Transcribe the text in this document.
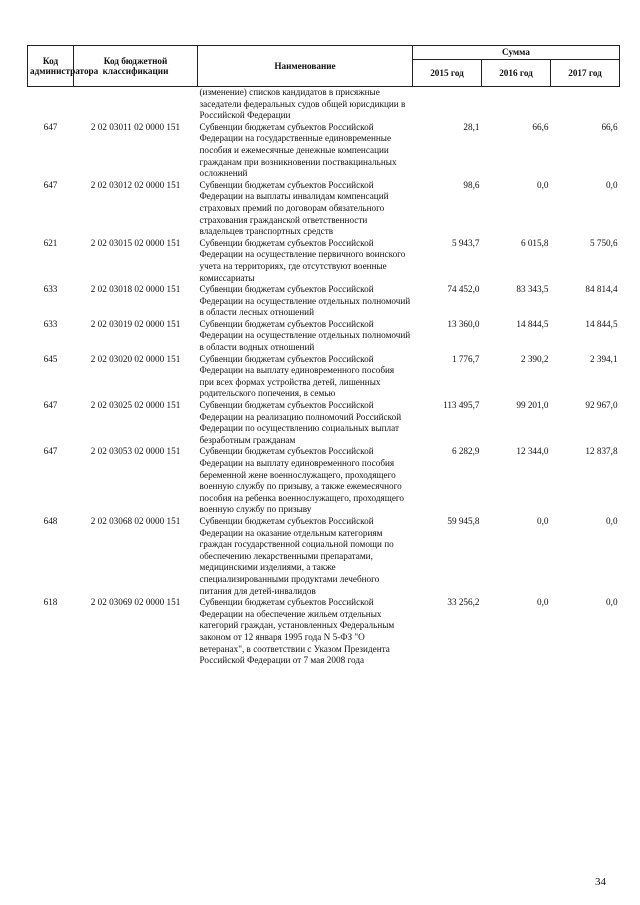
Код администратора	Код бюджетной классификации	Наименование	Сумма		
			2015 год	2016 год	2017 год
		(изменение) списков кандидатов в присяжные заседатели федеральных судов общей юрисдикции в Российской Федерации			
647	2 02 03011 02 0000 151	Субвенции бюджетам субъектов Российской Федерации на государственные единовременные пособия и ежемесячные денежные компенсации гражданам при возникновении поствакцинальных осложнений	28,1	66,6	66,6
647	2 02 03012 02 0000 151	Субвенции бюджетам субъектов Российской Федерации на выплаты инвалидам компенсаций страховых премий по договорам обязательного страхования гражданской ответственности владельцев транспортных средств	98,6	0,0	0,0
621	2 02 03015 02 0000 151	Субвенции бюджетам субъектов Российской Федерации на осуществление первичного воинского учета на территориях, где отсутствуют военные комиссариаты	5 943,7	6 015,8	5 750,6
633	2 02 03018 02 0000 151	Субвенции бюджетам субъектов Российской Федерации на осуществление отдельных полномочий в области лесных отношений	74 452,0	83 343,5	84 814,4
633	2 02 03019 02 0000 151	Субвенции бюджетам субъектов Российской Федерации на осуществление отдельных полномочий в области водных отношений	13 360,0	14 844,5	14 844,5
645	2 02 03020 02 0000 151	Субвенции бюджетам субъектов Российской Федерации на выплату единовременного пособия при всех формах устройства детей, лишенных родительского попечения, в семью	1 776,7	2 390,2	2 394,1
647	2 02 03025 02 0000 151	Субвенции бюджетам субъектов Российской Федерации на реализацию полномочий Российской Федерации по осуществлению социальных выплат безработным гражданам	113 495,7	99 201,0	92 967,0
647	2 02 03053 02 0000 151	Субвенции бюджетам субъектов Российской Федерации на выплату единовременного пособия беременной жене военнослужащего, проходящего военную службу по призыву, а также ежемесячного пособия на ребенка военнослужащего, проходящего военную службу по призыву	6 282,9	12 344,0	12 837,8
648	2 02 03068 02 0000 151	Субвенции бюджетам субъектов Российской Федерации на оказание отдельным категориям граждан государственной социальной помощи по обеспечению лекарственными препаратами, медицинскими изделиями, а также специализированными продуктами лечебного питания для детей-инвалидов	59 945,8	0,0	0,0
618	2 02 03069 02 0000 151	Субвенции бюджетам субъектов Российской Федерации на обеспечение жильем отдельных категорий граждан, установленных Федеральным законом от 12 января 1995 года N 5-ФЗ "О ветеранах", в соответствии с Указом Президента Российской Федерации от 7 мая 2008 года	33 256,2	0,0	0,0
34
